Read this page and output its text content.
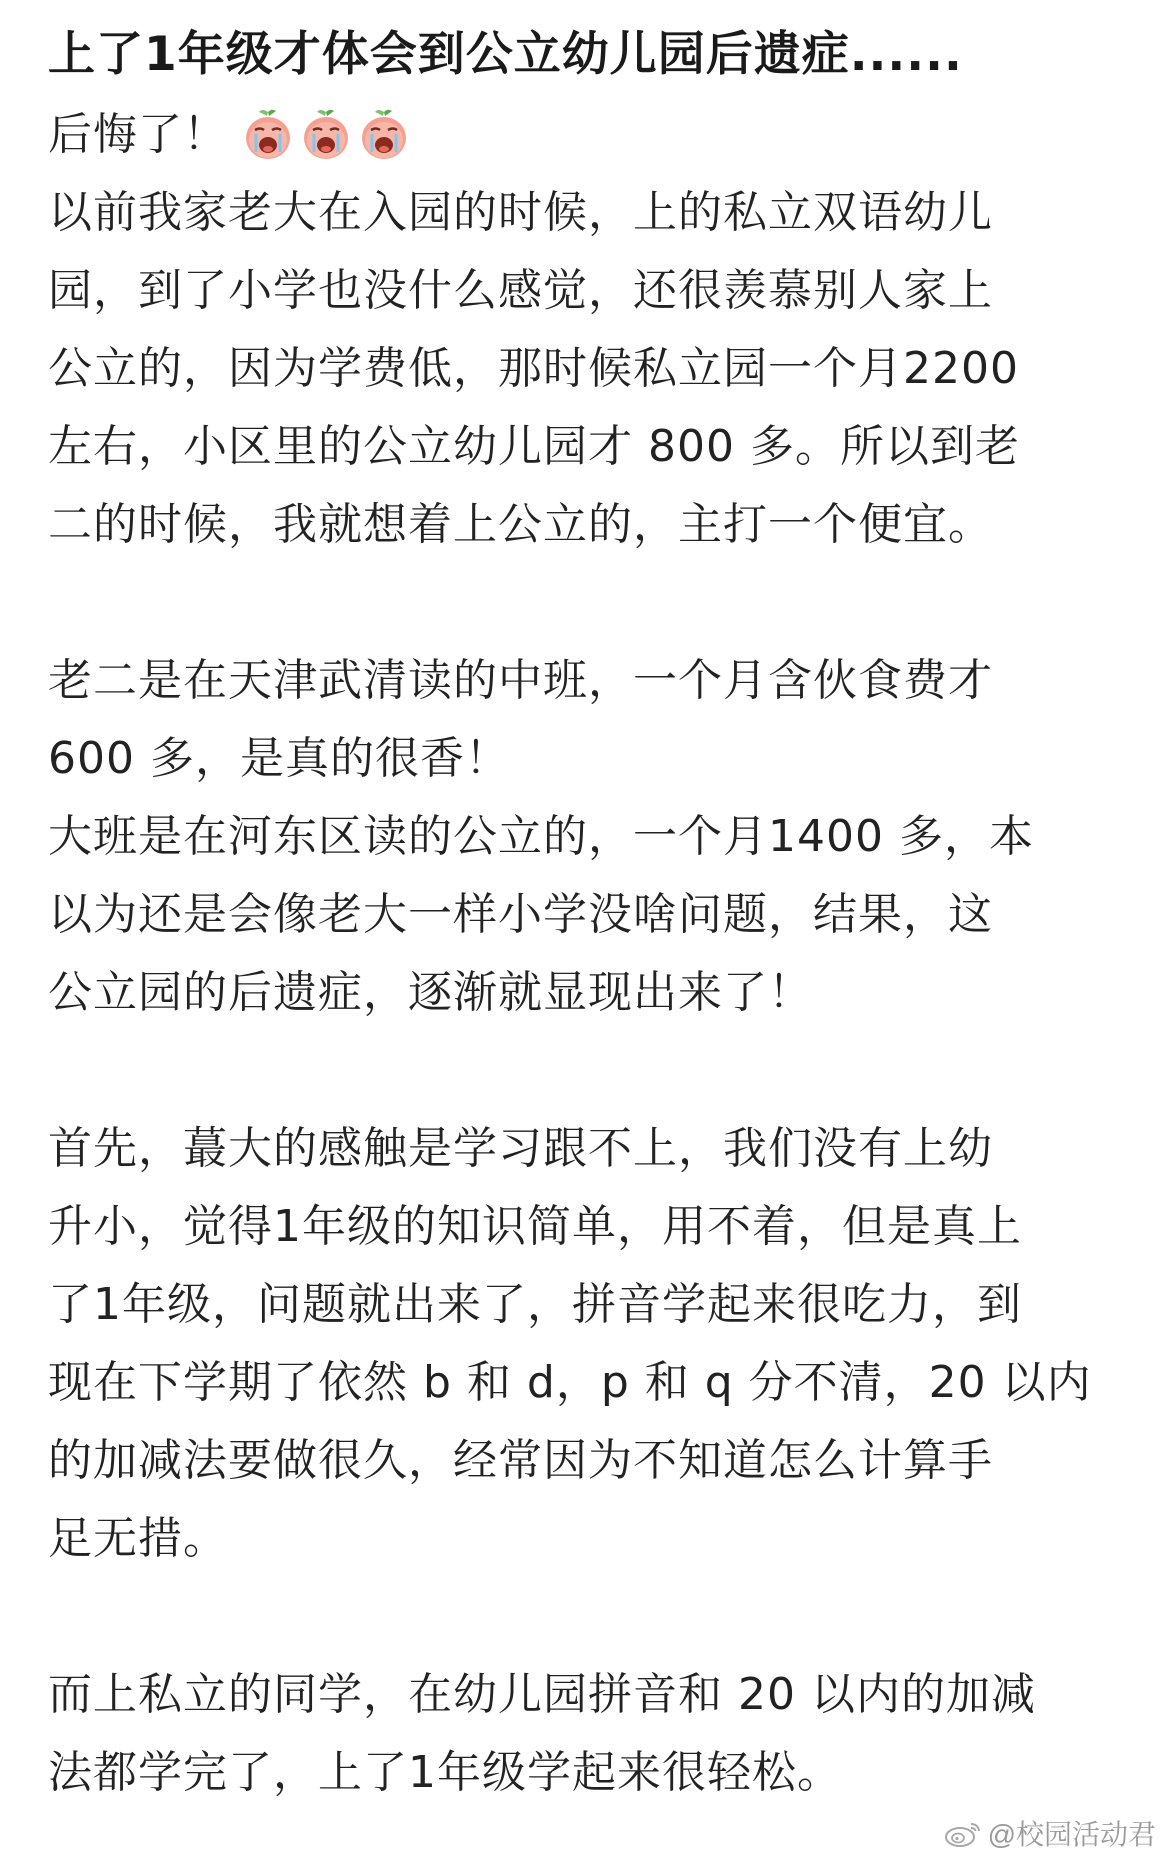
上了1年级才体会到公立幼儿园后遗症......
后悔了！
以前我家老大在入园的时候，上的私立双语幼儿
园，到了小学也没什么感觉，还很羡慕别人家上
公立的，因为学费低，那时候私立园一个月2200
左右，小区里的公立幼儿园才 800 多。所以到老
二的时候，我就想着上公立的，主打一个便宜。
老二是在天津武清读的中班，一个月含伙食费才
600 多，是真的很香！
大班是在河东区读的公立的，一个月1400 多，本
以为还是会像老大一样小学没啥问题，结果，这
公立园的后遗症，逐渐就显现出来了！
首先，蕞大的感触是学习跟不上，我们没有上幼
升小，觉得1年级的知识简单，用不着，但是真上
了1年级，问题就出来了，拼音学起来很吃力，到
现在下学期了依然 b 和 d，p 和 q 分不清，20 以内
的加减法要做很久，经常因为不知道怎么计算手
足无措。
而上私立的同学，在幼儿园拼音和 20 以内的加减
法都学完了，上了1年级学起来很轻松。
@校园活动君
